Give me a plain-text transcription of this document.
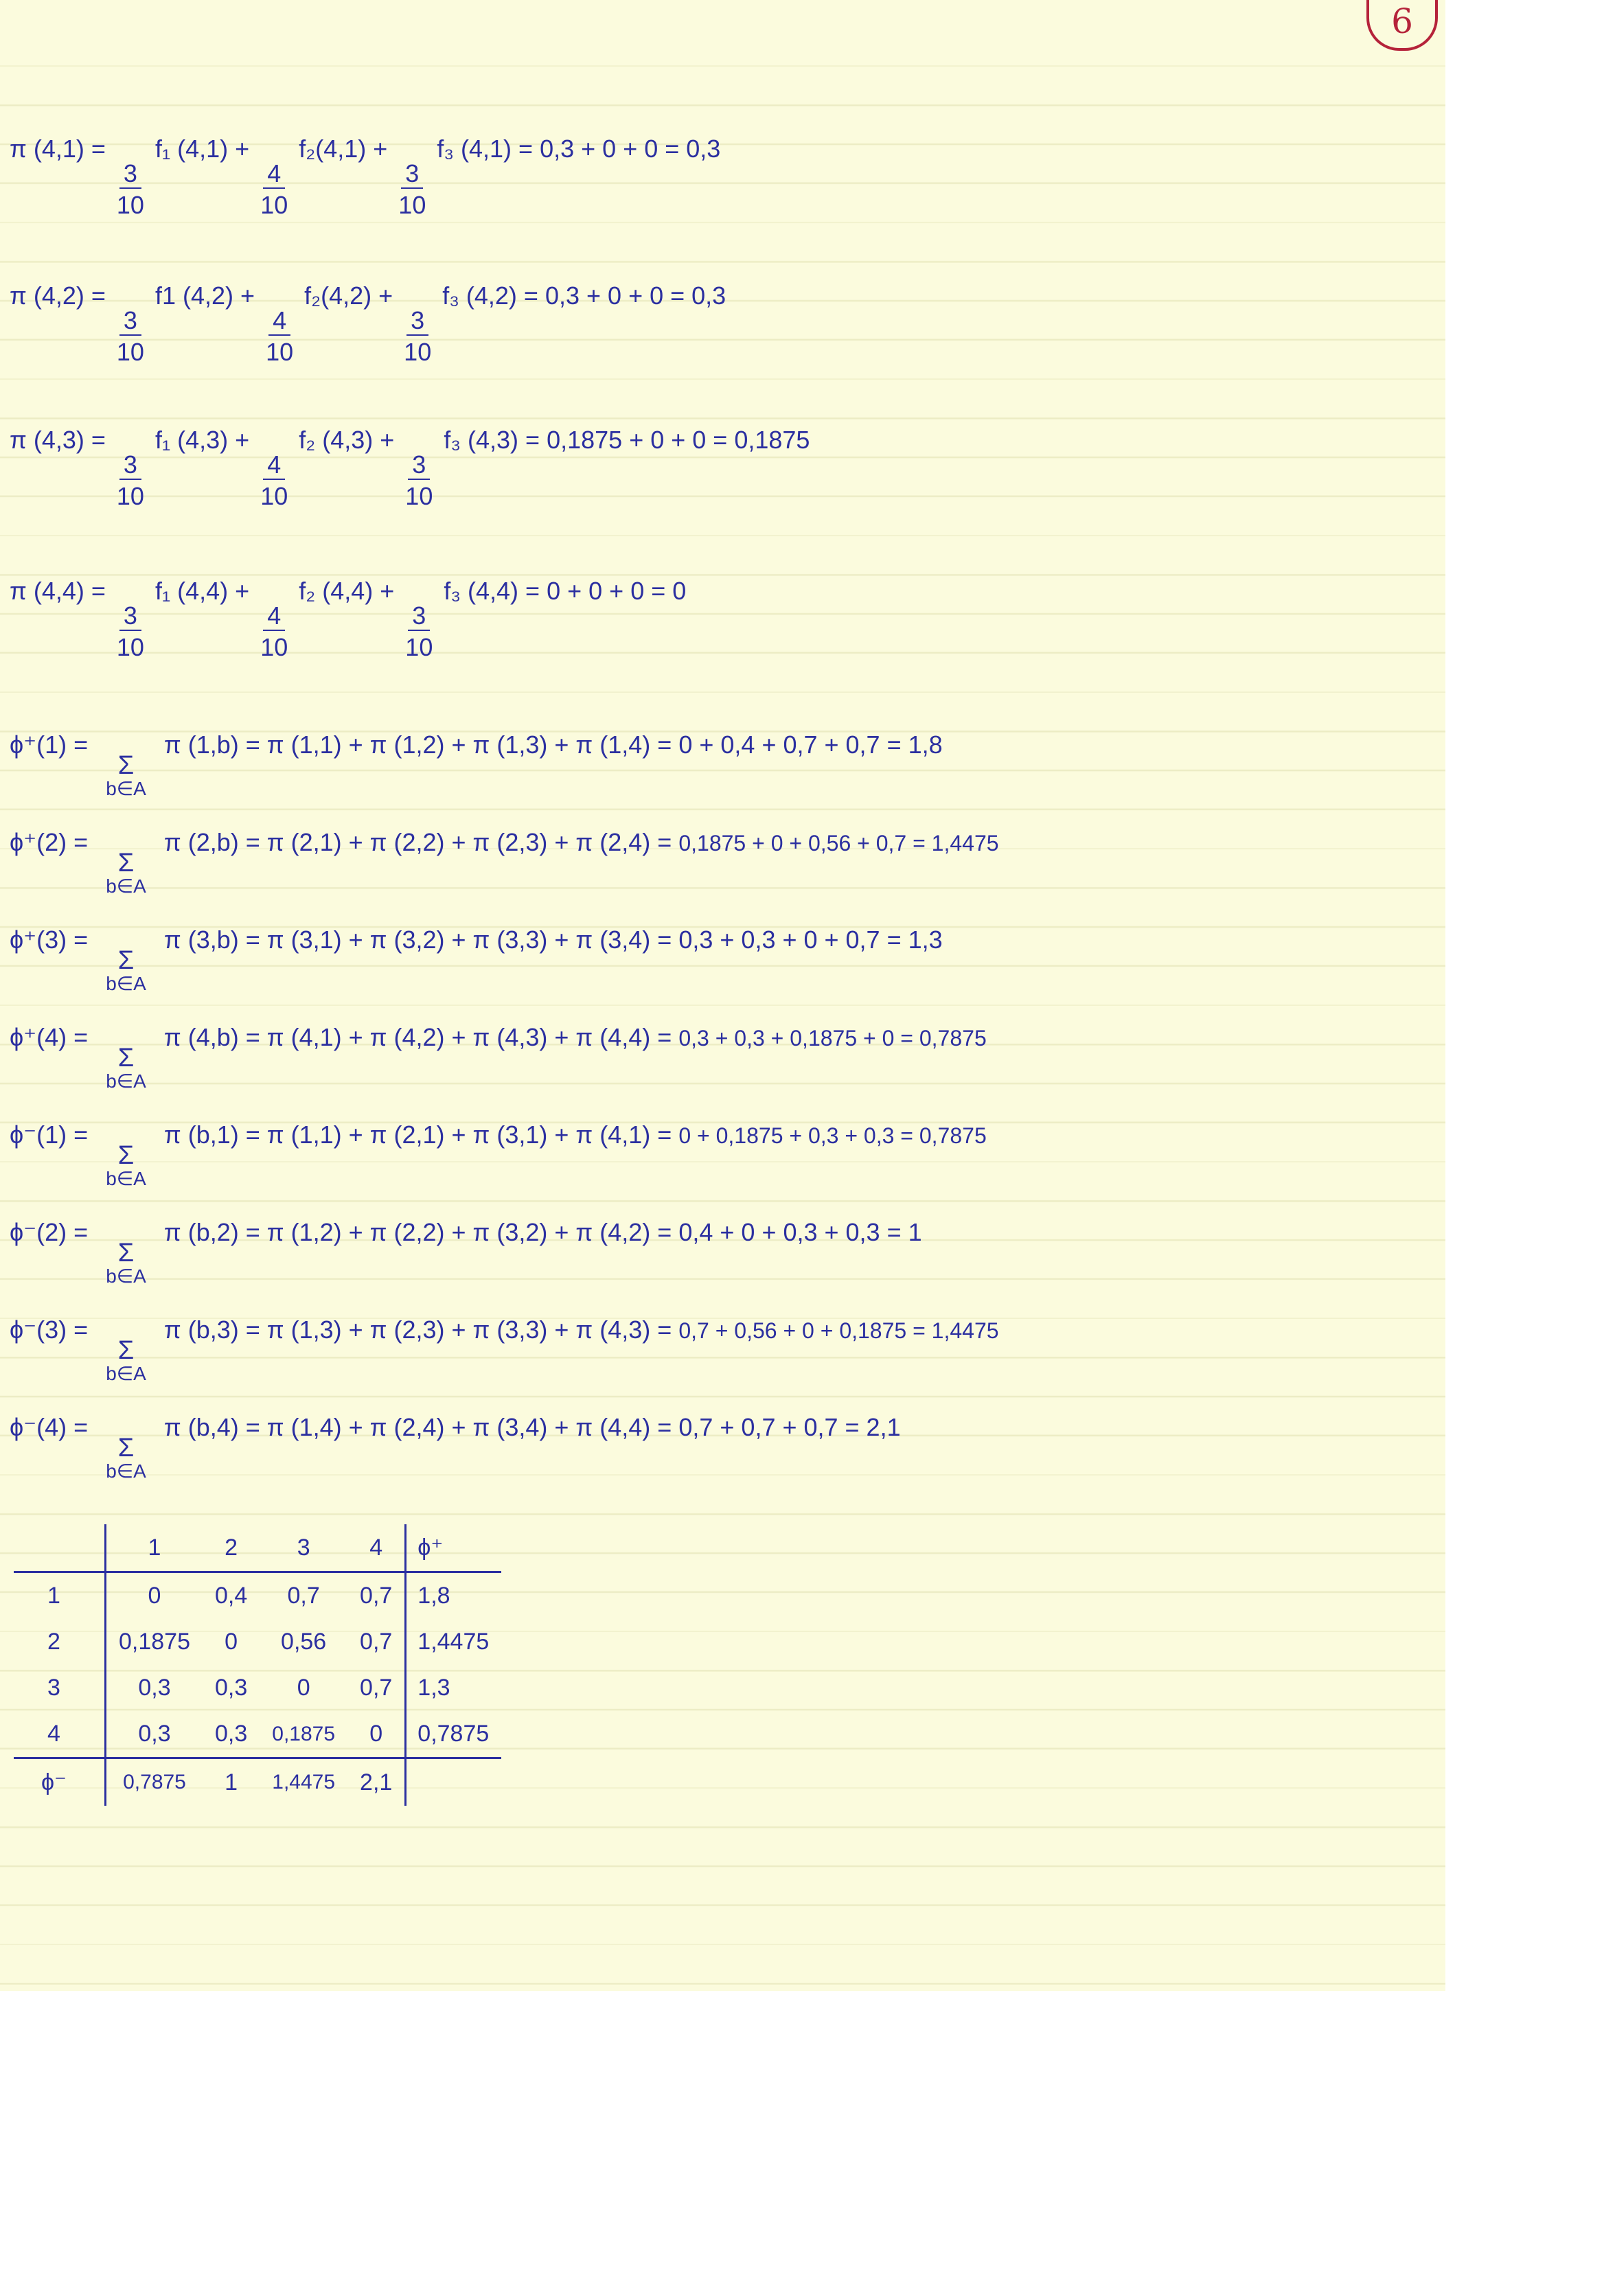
6
π (4,1) =
$\frac{3}{10}$
f₁ (4,1) +
$\frac{4}{10}$
f₂(4,1) +
$\frac{3}{10}$
f₃ (4,1) = 0,3 + 0 + 0 = 0,3
π (4,2) =
$\frac{3}{10}$
f1 (4,2) +
$\frac{4}{10}$
f₂(4,2) +
$\frac{3}{10}$
f₃ (4,2) = 0,3 + 0 + 0 = 0,3
π (4,3) =
$\frac{3}{10}$
f₁ (4,3) +
$\frac{4}{10}$
f₂ (4,3) +
$\frac{3}{10}$
f₃ (4,3) = 0,1875 + 0 + 0 = 0,1875
π (4,4) =
$\frac{3}{10}$
f₁ (4,4) +
$\frac{4}{10}$
f₂ (4,4) +
$\frac{3}{10}$
f₃ (4,4) = 0 + 0 + 0 = 0
ϕ⁺(1) =
Σ
b∈A
π (1,b) = π (1,1) + π (1,2) + π (1,3) + π (1,4) = 0 + 0,4 + 0,7 + 0,7 = 1,8
ϕ⁺(2) =
Σ
b∈A
π (2,b) = π (2,1) + π (2,2) + π (2,3) + π (2,4) = 0,1875 + 0 + 0,56 + 0,7 = 1,4475
ϕ⁺(3) =
Σ
b∈A
π (3,b) = π (3,1) + π (3,2) + π (3,3) + π (3,4) = 0,3 + 0,3 + 0 + 0,7 = 1,3
ϕ⁺(4) =
Σ
b∈A
π (4,b) = π (4,1) + π (4,2) + π (4,3) + π (4,4) = 0,3 + 0,3 + 0,1875 + 0 = 0,7875
ϕ⁻(1) =
Σ
b∈A
π (b,1) = π (1,1) + π (2,1) + π (3,1) + π (4,1) = 0 + 0,1875 + 0,3 + 0,3 = 0,7875
ϕ⁻(2) =
Σ
b∈A
π (b,2) = π (1,2) + π (2,2) + π (3,2) + π (4,2) = 0,4 + 0 + 0,3 + 0,3 = 1
ϕ⁻(3) =
Σ
b∈A
π (b,3) = π (1,3) + π (2,3) + π (3,3) + π (4,3) = 0,7 + 0,56 + 0 + 0,1875 = 1,4475
ϕ⁻(4) =
Σ
b∈A
π (b,4) = π (1,4) + π (2,4) + π (3,4) + π (4,4) = 0,7 + 0,7 + 0,7 = 2,1
	1	2	3	4	ϕ⁺
1	0	0,4	0,7	0,7	1,8
2	0,1875	0	0,56	0,7	1,4475
3	0,3	0,3	0	0,7	1,3
4	0,3	0,3	0,1875	0	0,7875
ϕ⁻	0,7875	1	1,4475	2,1	
